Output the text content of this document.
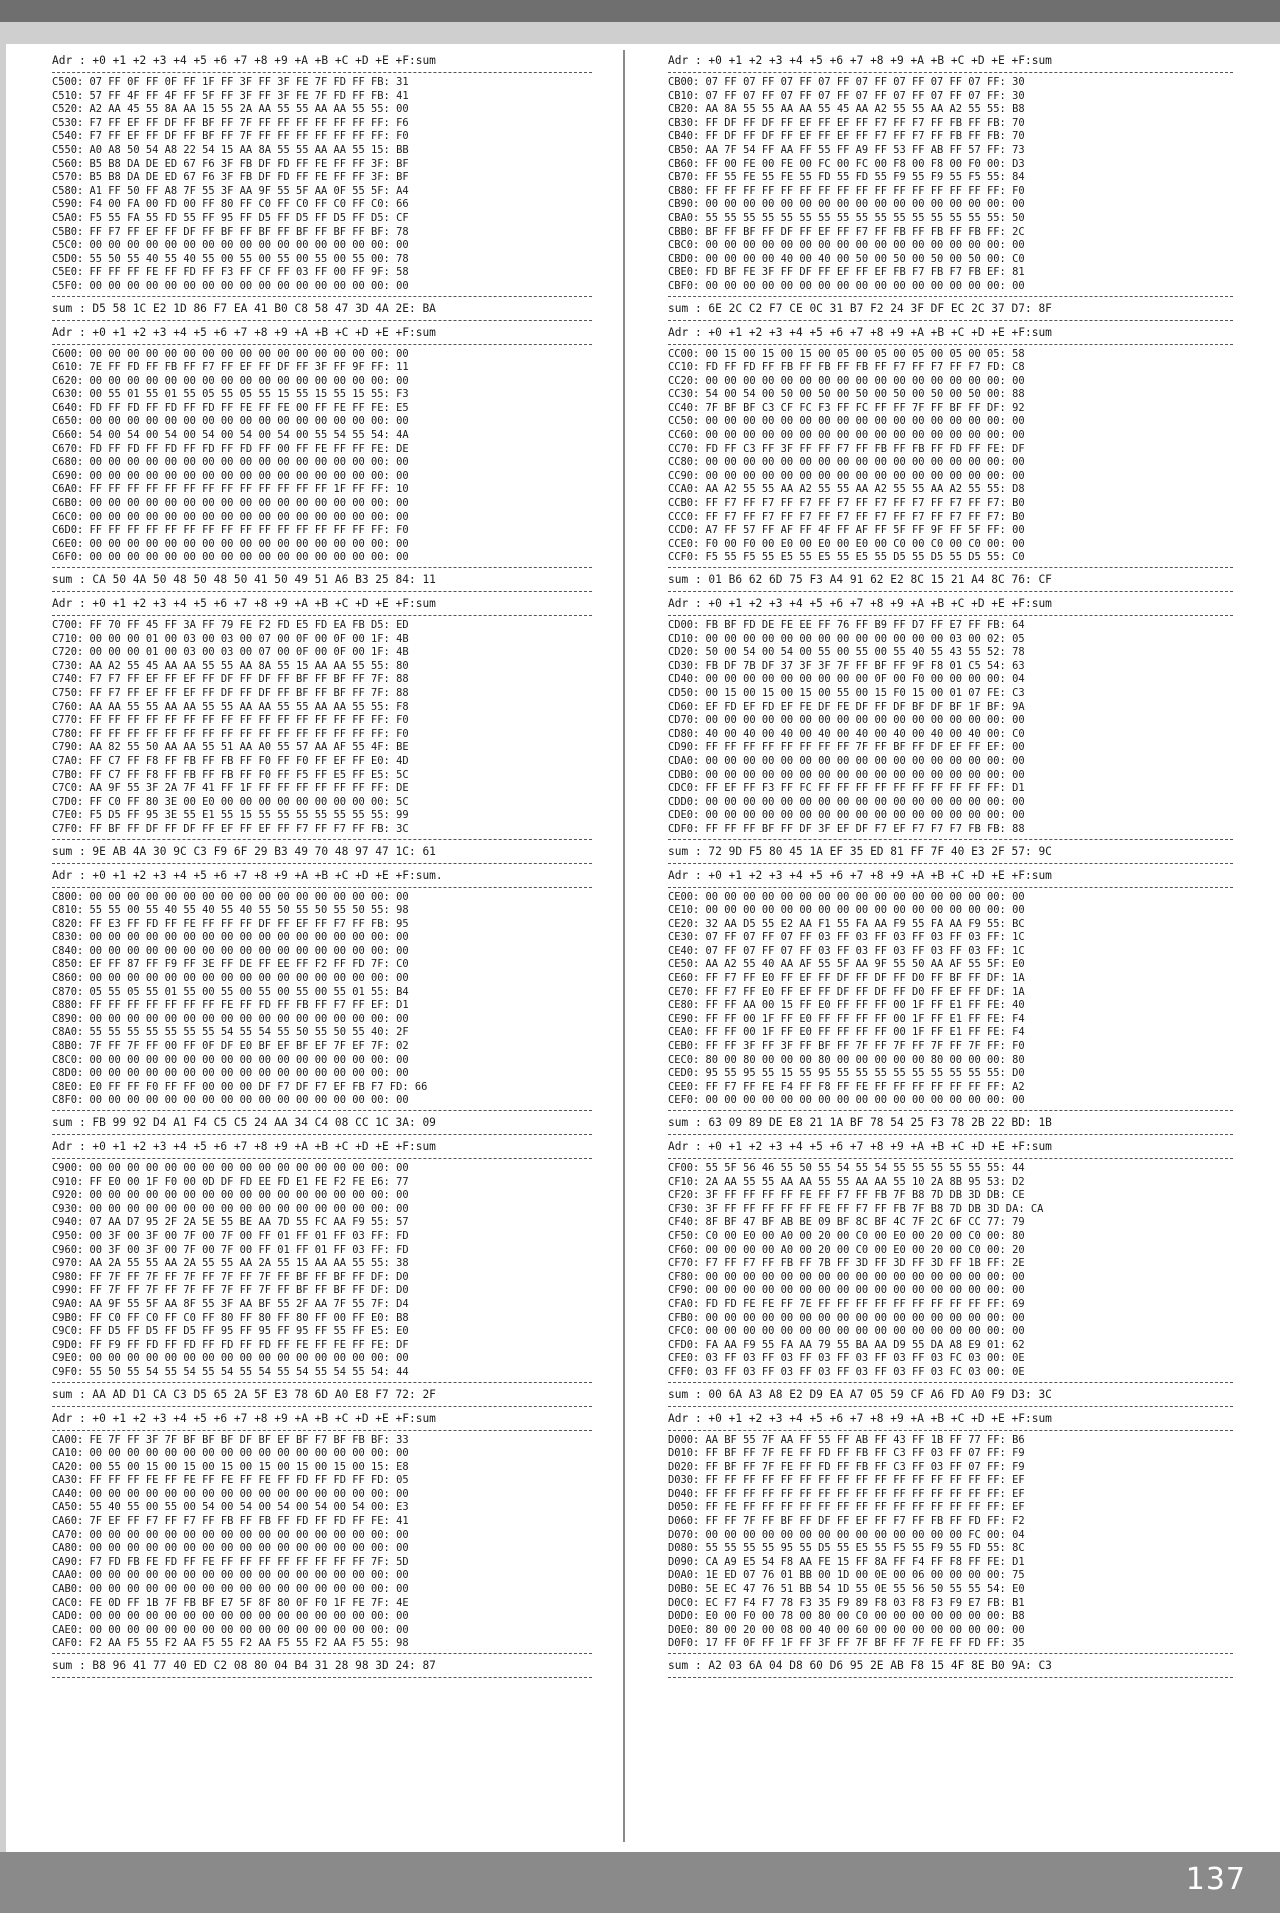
Adr : +0 +1 +2 +3 +4 +5 +6 +7 +8 +9 +A +B +C +D +E +F:sum
C500: 07 FF 0F FF 0F FF 1F FF 3F FF 3F FE 7F FD FF FB: 31
C510: 57 FF 4F FF 4F FF 5F FF 3F FF 3F FE 7F FD FF FB: 41
C520: A2 AA 45 55 8A AA 15 55 2A AA 55 55 AA AA 55 55: 00
C530: F7 FF EF FF DF FF BF FF 7F FF FF FF FF FF FF FF: F6
C540: F7 FF EF FF DF FF BF FF 7F FF FF FF FF FF FF FF: F0
C550: A0 A8 50 54 A8 22 54 15 AA 8A 55 55 AA AA 55 15: BB
C560: B5 B8 DA DE ED 67 F6 3F FB DF FD FF FE FF FF 3F: BF
C570: B5 B8 DA DE ED 67 F6 3F FB DF FD FF FE FF FF 3F: BF
C580: A1 FF 50 FF A8 7F 55 3F AA 9F 55 5F AA 0F 55 5F: A4
C590: F4 00 FA 00 FD 00 FF 80 FF C0 FF C0 FF C0 FF C0: 66
C5A0: F5 55 FA 55 FD 55 FF 95 FF D5 FF D5 FF D5 FF D5: CF
C5B0: FF F7 FF EF FF DF FF BF FF BF FF BF FF BF FF BF: 78
C5C0: 00 00 00 00 00 00 00 00 00 00 00 00 00 00 00 00: 00
C5D0: 55 50 55 40 55 40 55 00 55 00 55 00 55 00 55 00: 78
C5E0: FF FF FF FE FF FD FF F3 FF CF FF 03 FF 00 FF 9F: 58
C5F0: 00 00 00 00 00 00 00 00 00 00 00 00 00 00 00 00: 00
sum : D5 58 1C E2 1D 86 F7 EA 41 B0 C8 58 47 3D 4A 2E: BA
Adr : +0 +1 +2 +3 +4 +5 +6 +7 +8 +9 +A +B +C +D +E +F:sum
C600: 00 00 00 00 00 00 00 00 00 00 00 00 00 00 00 00: 00
C610: 7E FF FD FF FB FF F7 FF EF FF DF FF 3F FF 9F FF: 11
C620: 00 00 00 00 00 00 00 00 00 00 00 00 00 00 00 00: 00
C630: 00 55 01 55 01 55 05 55 05 55 15 55 15 55 15 55: F3
C640: FD FF FD FF FD FF FD FF FE FF FE 00 FF FE FF FE: E5
C650: 00 00 00 00 00 00 00 00 00 00 00 00 00 00 00 00: 00
C660: 54 00 54 00 54 00 54 00 54 00 54 00 55 54 55 54: 4A
C670: FD FF FD FF FD FF FD FF FD FF 00 FF FE FF FF FE: DE
C680: 00 00 00 00 00 00 00 00 00 00 00 00 00 00 00 00: 00
C690: 00 00 00 00 00 00 00 00 00 00 00 00 00 00 00 00: 00
C6A0: FF FF FF FF FF FF FF FF FF FF FF FF FF 1F FF FF: 10
C6B0: 00 00 00 00 00 00 00 00 00 00 00 00 00 00 00 00: 00
C6C0: 00 00 00 00 00 00 00 00 00 00 00 00 00 00 00 00: 00
C6D0: FF FF FF FF FF FF FF FF FF FF FF FF FF FF FF FF: F0
C6E0: 00 00 00 00 00 00 00 00 00 00 00 00 00 00 00 00: 00
C6F0: 00 00 00 00 00 00 00 00 00 00 00 00 00 00 00 00: 00
sum : CA 50 4A 50 48 50 48 50 41 50 49 51 A6 B3 25 84: 11
Adr : +0 +1 +2 +3 +4 +5 +6 +7 +8 +9 +A +B +C +D +E +F:sum
C700: FF 70 FF 45 FF 3A FF 79 FE F2 FD E5 FD EA FB D5: ED
C710: 00 00 00 01 00 03 00 03 00 07 00 0F 00 0F 00 1F: 4B
C720: 00 00 00 01 00 03 00 03 00 07 00 0F 00 0F 00 1F: 4B
C730: AA A2 55 45 AA AA 55 55 AA 8A 55 15 AA AA 55 55: 80
C740: F7 F7 FF EF FF EF FF DF FF DF FF BF FF BF FF 7F: 88
C750: FF F7 FF EF FF EF FF DF FF DF FF BF FF BF FF 7F: 88
C760: AA AA 55 55 AA AA 55 55 AA AA 55 55 AA AA 55 55: F8
C770: FF FF FF FF FF FF FF FF FF FF FF FF FF FF FF FF: F0
C780: FF FF FF FF FF FF FF FF FF FF FF FF FF FF FF FF: F0
C790: AA 82 55 50 AA AA 55 51 AA A0 55 57 AA AF 55 4F: BE
C7A0: FF C7 FF F8 FF FB FF FB FF F0 FF F0 FF EF FF E0: 4D
C7B0: FF C7 FF F8 FF FB FF FB FF F0 FF F5 FF E5 FF E5: 5C
C7C0: AA 9F 55 3F 2A 7F 41 FF 1F FF FF FF FF FF FF FF: DE
C7D0: FF C0 FF 80 3E 00 E0 00 00 00 00 00 00 00 00 00: 5C
C7E0: F5 D5 FF 95 3E 55 E1 55 15 55 55 55 55 55 55 55: 99
C7F0: FF BF FF DF FF DF FF EF FF EF FF F7 FF F7 FF FB: 3C
sum : 9E AB 4A 30 9C C3 F9 6F 29 B3 49 70 48 97 47 1C: 61
Adr : +0 +1 +2 +3 +4 +5 +6 +7 +8 +9 +A +B +C +D +E +F:sum.
C800: 00 00 00 00 00 00 00 00 00 00 00 00 00 00 00 00: 00
C810: 55 55 00 55 40 55 40 55 40 55 50 55 50 55 50 55: 98
C820: FF E3 FF FD FF FE FF FF FF DF FF EF FF F7 FF FB: 95
C830: 00 00 00 00 00 00 00 00 00 00 00 00 00 00 00 00: 00
C840: 00 00 00 00 00 00 00 00 00 00 00 00 00 00 00 00: 00
C850: EF FF 87 FF F9 FF 3E FF DE FF EE FF F2 FF FD 7F: C0
C860: 00 00 00 00 00 00 00 00 00 00 00 00 00 00 00 00: 00
C870: 05 55 05 55 01 55 00 55 00 55 00 55 00 55 01 55: B4
C880: FF FF FF FF FF FF FF FE FF FD FF FB FF F7 FF EF: D1
C890: 00 00 00 00 00 00 00 00 00 00 00 00 00 00 00 00: 00
C8A0: 55 55 55 55 55 55 55 54 55 54 55 50 55 50 55 40: 2F
C8B0: 7F FF 7F FF 00 FF 0F DF E0 BF EF BF EF 7F EF 7F: 02
C8C0: 00 00 00 00 00 00 00 00 00 00 00 00 00 00 00 00: 00
C8D0: 00 00 00 00 00 00 00 00 00 00 00 00 00 00 00 00: 00
C8E0: E0 FF FF F0 FF FF 00 00 00 DF F7 DF F7 EF FB F7 FD: 66
C8F0: 00 00 00 00 00 00 00 00 00 00 00 00 00 00 00 00: 00
sum : FB 99 92 D4 A1 F4 C5 C5 24 AA 34 C4 08 CC 1C 3A: 09
Adr : +0 +1 +2 +3 +4 +5 +6 +7 +8 +9 +A +B +C +D +E +F:sum
C900: 00 00 00 00 00 00 00 00 00 00 00 00 00 00 00 00: 00
C910: FF E0 00 1F F0 00 0D DF FD EE FD E1 FE F2 FE E6: 77
C920: 00 00 00 00 00 00 00 00 00 00 00 00 00 00 00 00: 00
C930: 00 00 00 00 00 00 00 00 00 00 00 00 00 00 00 00: 00
C940: 07 AA D7 95 2F 2A 5E 55 BE AA 7D 55 FC AA F9 55: 57
C950: 00 3F 00 3F 00 7F 00 7F 00 FF 01 FF 01 FF 03 FF: FD
C960: 00 3F 00 3F 00 7F 00 7F 00 FF 01 FF 01 FF 03 FF: FD
C970: AA 2A 55 55 AA 2A 55 55 AA 2A 55 15 AA AA 55 55: 38
C980: FF 7F FF 7F FF 7F FF 7F FF 7F FF BF FF BF FF DF: D0
C990: FF 7F FF 7F FF 7F FF 7F FF 7F FF BF FF BF FF DF: D0
C9A0: AA 9F 55 5F AA 8F 55 3F AA BF 55 2F AA 7F 55 7F: D4
C9B0: FF C0 FF C0 FF C0 FF 80 FF 80 FF 80 FF 00 FF E0: B8
C9C0: FF D5 FF D5 FF D5 FF 95 FF 95 FF 95 FF 55 FF E5: E0
C9D0: FF F9 FF FD FF FD FF FD FF FD FF FE FF FE FF FE: DF
C9E0: 00 00 00 00 00 00 00 00 00 00 00 00 00 00 00 00: 00
C9F0: 55 50 55 54 55 54 55 54 55 54 55 54 55 54 55 54: 44
sum : AA AD D1 CA C3 D5 65 2A 5F E3 78 6D A0 E8 F7 72: 2F
Adr : +0 +1 +2 +3 +4 +5 +6 +7 +8 +9 +A +B +C +D +E +F:sum
CA00: FE 7F FF 3F 7F BF BF BF DF BF EF BF F7 BF FB BF: 33
CA10: 00 00 00 00 00 00 00 00 00 00 00 00 00 00 00 00: 00
CA20: 00 55 00 15 00 15 00 15 00 15 00 15 00 15 00 15: E8
CA30: FF FF FF FE FF FE FF FE FF FE FF FD FF FD FF FD: 05
CA40: 00 00 00 00 00 00 00 00 00 00 00 00 00 00 00 00: 00
CA50: 55 40 55 00 55 00 54 00 54 00 54 00 54 00 54 00: E3
CA60: 7F EF FF F7 FF F7 FF FB FF FB FF FD FF FD FF FE: 41
CA70: 00 00 00 00 00 00 00 00 00 00 00 00 00 00 00 00: 00
CA80: 00 00 00 00 00 00 00 00 00 00 00 00 00 00 00 00: 00
CA90: F7 FD FB FE FD FF FE FF FF FF FF FF FF FF FF 7F: 5D
CAA0: 00 00 00 00 00 00 00 00 00 00 00 00 00 00 00 00: 00
CAB0: 00 00 00 00 00 00 00 00 00 00 00 00 00 00 00 00: 00
CAC0: FE 0D FF 1B 7F FB BF E7 5F 8F 80 0F F0 1F FE 7F: 4E
CAD0: 00 00 00 00 00 00 00 00 00 00 00 00 00 00 00 00: 00
CAE0: 00 00 00 00 00 00 00 00 00 00 00 00 00 00 00 00: 00
CAF0: F2 AA F5 55 F2 AA F5 55 F2 AA F5 55 F2 AA F5 55: 98
sum : B8 96 41 77 40 ED C2 08 80 04 B4 31 28 98 3D 24: 87
Adr : +0 +1 +2 +3 +4 +5 +6 +7 +8 +9 +A +B +C +D +E +F:sum
CB00: 07 FF 07 FF 07 FF 07 FF 07 FF 07 FF 07 FF 07 FF: 30
CB10: 07 FF 07 FF 07 FF 07 FF 07 FF 07 FF 07 FF 07 FF: 30
CB20: AA 8A 55 55 AA AA 55 45 AA A2 55 55 AA A2 55 55: B8
CB30: FF DF FF DF FF EF FF EF FF F7 FF F7 FF FB FF FB: 70
CB40: FF DF FF DF FF EF FF EF FF F7 FF F7 FF FB FF FB: 70
CB50: AA 7F 54 FF AA FF 55 FF A9 FF 53 FF AB FF 57 FF: 73
CB60: FF 00 FE 00 FE 00 FC 00 FC 00 F8 00 F8 00 F0 00: D3
CB70: FF 55 FE 55 FE 55 FD 55 FD 55 F9 55 F9 55 F5 55: 84
CB80: FF FF FF FF FF FF FF FF FF FF FF FF FF FF FF FF: F0
CB90: 00 00 00 00 00 00 00 00 00 00 00 00 00 00 00 00: 00
CBA0: 55 55 55 55 55 55 55 55 55 55 55 55 55 55 55 55: 50
CBB0: BF FF BF FF DF FF EF FF F7 FF FB FF FB FF FB FF: 2C
CBC0: 00 00 00 00 00 00 00 00 00 00 00 00 00 00 00 00: 00
CBD0: 00 00 00 00 40 00 40 00 50 00 50 00 50 00 50 00: C0
CBE0: FD BF FE 3F FF DF FF EF FF EF FB F7 FB F7 FB EF: 81
CBF0: 00 00 00 00 00 00 00 00 00 00 00 00 00 00 00 00: 00
sum : 6E 2C C2 F7 CE 0C 31 B7 F2 24 3F DF EC 2C 37 D7: 8F
Adr : +0 +1 +2 +3 +4 +5 +6 +7 +8 +9 +A +B +C +D +E +F:sum
CC00: 00 15 00 15 00 15 00 05 00 05 00 05 00 05 00 05: 58
CC10: FD FF FD FF FB FF FB FF FB FF F7 FF F7 FF F7 FD: C8
CC20: 00 00 00 00 00 00 00 00 00 00 00 00 00 00 00 00: 00
CC30: 54 00 54 00 50 00 50 00 50 00 50 00 50 00 50 00: 88
CC40: 7F BF BF C3 CF FC F3 FF FC FF FF 7F FF BF FF DF: 92
CC50: 00 00 00 00 00 00 00 00 00 00 00 00 00 00 00 00: 00
CC60: 00 00 00 00 00 00 00 00 00 00 00 00 00 00 00 00: 00
CC70: FD FF C3 FF 3F FF FF F7 FF FB FF FB FF FD FF FE: DF
CC80: 00 00 00 00 00 00 00 00 00 00 00 00 00 00 00 00: 00
CC90: 00 00 00 00 00 00 00 00 00 00 00 00 00 00 00 00: 00
CCA0: AA A2 55 55 AA A2 55 55 AA A2 55 55 AA A2 55 55: D8
CCB0: FF F7 FF F7 FF F7 FF F7 FF F7 FF F7 FF F7 FF F7: B0
CCC0: FF F7 FF F7 FF F7 FF F7 FF F7 FF F7 FF F7 FF F7: B0
CCD0: A7 FF 57 FF AF FF 4F FF AF FF 5F FF 9F FF 5F FF: 00
CCE0: F0 00 F0 00 E0 00 E0 00 E0 00 C0 00 C0 00 C0 00: 00
CCF0: F5 55 F5 55 E5 55 E5 55 E5 55 D5 55 D5 55 D5 55: C0
sum : 01 B6 62 6D 75 F3 A4 91 62 E2 8C 15 21 A4 8C 76: CF
Adr : +0 +1 +2 +3 +4 +5 +6 +7 +8 +9 +A +B +C +D +E +F:sum
CD00: FB BF FD DE FE EE FF 76 FF B9 FF D7 FF E7 FF FB: 64
CD10: 00 00 00 00 00 00 00 00 00 00 00 00 00 03 00 02: 05
CD20: 50 00 54 00 54 00 55 00 55 00 55 40 55 43 55 52: 78
CD30: FB DF 7B DF 37 3F 3F 7F FF BF FF 9F F8 01 C5 54: 63
CD40: 00 00 00 00 00 00 00 00 00 0F 00 F0 00 00 00 00: 04
CD50: 00 15 00 15 00 15 00 55 00 15 F0 15 00 01 07 FE: C3
CD60: EF FD EF FD EF FE DF FE DF FF DF BF DF BF 1F BF: 9A
CD70: 00 00 00 00 00 00 00 00 00 00 00 00 00 00 00 00: 00
CD80: 40 00 40 00 40 00 40 00 40 00 40 00 40 00 40 00: C0
CD90: FF FF FF FF FF FF FF FF 7F FF BF FF DF EF FF EF: 00
CDA0: 00 00 00 00 00 00 00 00 00 00 00 00 00 00 00 00: 00
CDB0: 00 00 00 00 00 00 00 00 00 00 00 00 00 00 00 00: 00
CDC0: FF EF FF F3 FF FC FF FF FF FF FF FF FF FF FF FF: D1
CDD0: 00 00 00 00 00 00 00 00 00 00 00 00 00 00 00 00: 00
CDE0: 00 00 00 00 00 00 00 00 00 00 00 00 00 00 00 00: 00
CDF0: FF FF FF BF FF DF 3F EF DF F7 EF F7 F7 F7 FB FB: 88
sum : 72 9D F5 80 45 1A EF 35 ED 81 FF 7F 40 E3 2F 57: 9C
Adr : +0 +1 +2 +3 +4 +5 +6 +7 +8 +9 +A +B +C +D +E +F:sum
CE00: 00 00 00 00 00 00 00 00 00 00 00 00 00 00 00 00: 00
CE10: 00 00 00 00 00 00 00 00 00 00 00 00 00 00 00 00: 00
CE20: 32 AA D5 55 E2 AA F1 55 FA AA F9 55 FA AA F9 55: BC
CE30: 07 FF 07 FF 07 FF 03 FF 03 FF 03 FF 03 FF 03 FF: 1C
CE40: 07 FF 07 FF 07 FF 03 FF 03 FF 03 FF 03 FF 03 FF: 1C
CE50: AA A2 55 40 AA AF 55 5F AA 9F 55 50 AA AF 55 5F: E0
CE60: FF F7 FF E0 FF EF FF DF FF DF FF D0 FF BF FF DF: 1A
CE70: FF F7 FF E0 FF EF FF DF FF DF FF D0 FF EF FF DF: 1A
CE80: FF FF AA 00 15 FF E0 FF FF FF 00 1F FF E1 FF FE: 40
CE90: FF FF 00 1F FF E0 FF FF FF FF 00 1F FF E1 FF FE: F4
CEA0: FF FF 00 1F FF E0 FF FF FF FF 00 1F FF E1 FF FE: F4
CEB0: FF FF 3F FF 3F FF BF FF 7F FF 7F FF 7F FF 7F FF: F0
CEC0: 80 00 80 00 00 00 80 00 00 00 00 00 80 00 00 00: 80
CED0: 95 55 95 55 15 55 95 55 55 55 55 55 55 55 55 55: D0
CEE0: FF F7 FF FE F4 FF F8 FF FE FF FF FF FF FF FF FF: A2
CEF0: 00 00 00 00 00 00 00 00 00 00 00 00 00 00 00 00: 00
sum : 63 09 89 DE E8 21 1A BF 78 54 25 F3 78 2B 22 BD: 1B
Adr : +0 +1 +2 +3 +4 +5 +6 +7 +8 +9 +A +B +C +D +E +F:sum
CF00: 55 5F 56 46 55 50 55 54 55 54 55 55 55 55 55 55: 44
CF10: 2A AA 55 55 AA AA 55 55 AA AA 55 10 2A 8B 95 53: D2
CF20: 3F FF FF FF FF FE FF F7 FF FB 7F B8 7D DB 3D DB: CE
CF30: 3F FF FF FF FF FF FE FF F7 FF FB 7F B8 7D DB 3D DA: CA
CF40: 8F BF 47 BF AB BE 09 BF 8C BF 4C 7F 2C 6F CC 77: 79
CF50: C0 00 E0 00 A0 00 20 00 C0 00 E0 00 20 00 C0 00: 80
CF60: 00 00 00 00 A0 00 20 00 C0 00 E0 00 20 00 C0 00: 20
CF70: F7 FF F7 FF FB FF 7B FF 3D FF 3D FF 3D FF 1B FF: 2E
CF80: 00 00 00 00 00 00 00 00 00 00 00 00 00 00 00 00: 00
CF90: 00 00 00 00 00 00 00 00 00 00 00 00 00 00 00 00: 00
CFA0: FD FD FE FE FF 7E FF FF FF FF FF FF FF FF FF FF: 69
CFB0: 00 00 00 00 00 00 00 00 00 00 00 00 00 00 00 00: 00
CFC0: 00 00 00 00 00 00 00 00 00 00 00 00 00 00 00 00: 00
CFD0: FA AA F9 55 FA AA 79 55 BA AA D9 55 DA A8 E9 01: 62
CFE0: 03 FF 03 FF 03 FF 03 FF 03 FF 03 FF 03 FC 03 00: 0E
CFF0: 03 FF 03 FF 03 FF 03 FF 03 FF 03 FF 03 FC 03 00: 0E
sum : 00 6A A3 A8 E2 D9 EA A7 05 59 CF A6 FD A0 F9 D3: 3C
Adr : +0 +1 +2 +3 +4 +5 +6 +7 +8 +9 +A +B +C +D +E +F:sum
D000: AA BF 55 7F AA FF 55 FF AB FF 43 FF 1B FF 77 FF: B6
D010: FF BF FF 7F FE FF FD FF FB FF C3 FF 03 FF 07 FF: F9
D020: FF BF FF 7F FE FF FD FF FB FF C3 FF 03 FF 07 FF: F9
D030: FF FF FF FF FF FF FF FF FF FF FF FF FF FF FF FF: EF
D040: FF FF FF FF FF FF FF FF FF FF FF FF FF FF FF FF: EF
D050: FF FE FF FF FF FF FF FF FF FF FF FF FF FF FF FF: EF
D060: FF FF 7F FF BF FF DF FF EF FF F7 FF FB FF FD FF: F2
D070: 00 00 00 00 00 00 00 00 00 00 00 00 00 00 FC 00: 04
D080: 55 55 55 55 95 55 D5 55 E5 55 F5 55 F9 55 FD 55: 8C
D090: CA A9 E5 54 F8 AA FE 15 FF 8A FF F4 FF F8 FF FE: D1
D0A0: 1E ED 07 76 01 BB 00 1D 00 0E 00 06 00 00 00 00: 75
D0B0: 5E EC 47 76 51 BB 54 1D 55 0E 55 56 50 55 55 54: E0
D0C0: EC F7 F4 F7 78 F3 35 F9 89 F8 03 F8 F3 F9 E7 FB: B1
D0D0: E0 00 F0 00 78 00 80 00 C0 00 00 00 00 00 00 00: B8
D0E0: 80 00 20 00 08 00 40 00 60 00 00 00 00 00 00 00: 00
D0F0: 17 FF 0F FF 1F FF 3F FF 7F BF FF 7F FE FF FD FF: 35
sum : A2 03 6A 04 D8 60 D6 95 2E AB F8 15 4F 8E B0 9A: C3
137
